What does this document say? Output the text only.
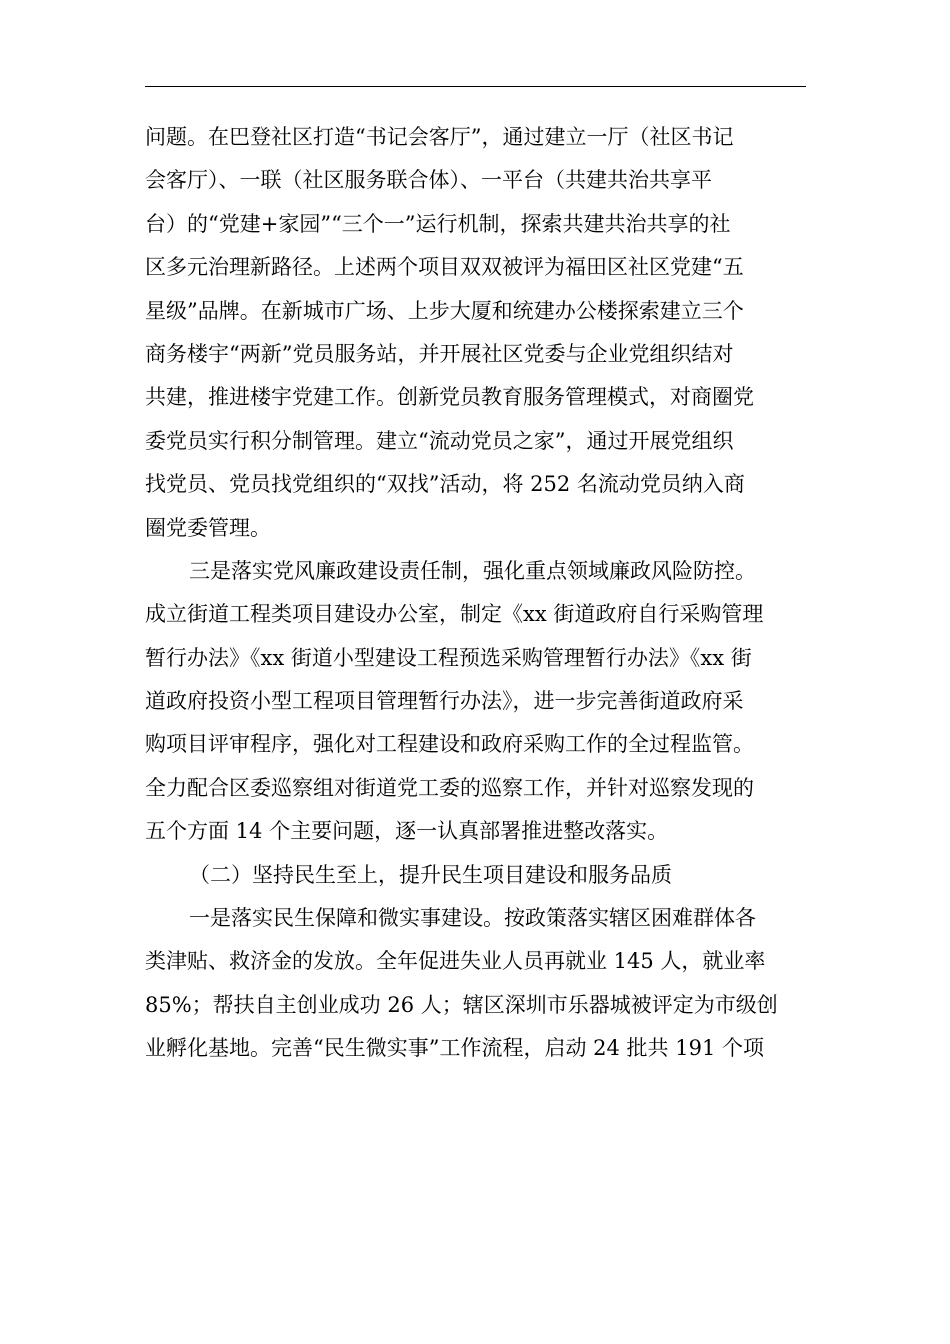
问题。在巴登社区打造“书记会客厅”，通过建立一厅（社区书记
会客厅）、一联（社区服务联合体）、一平台（共建共治共享平
台）的“党建+家园”“三个一”运行机制，探索共建共治共享的社
区多元治理新路径。上述两个项目双双被评为福田区社区党建“五
星级”品牌。在新城市广场、上步大厦和统建办公楼探索建立三个
商务楼宇“两新”党员服务站，并开展社区党委与企业党组织结对
共建，推进楼宇党建工作。创新党员教育服务管理模式，对商圈党
委党员实行积分制管理。建立“流动党员之家”，通过开展党组织
找党员、党员找党组织的“双找”活动，将 252 名流动党员纳入商
圈党委管理。
三是落实党风廉政建设责任制，强化重点领域廉政风险防控。
成立街道工程类项目建设办公室，制定《xx 街道政府自行采购管理
暂行办法》《xx 街道小型建设工程预选采购管理暂行办法》《xx 街
道政府投资小型工程项目管理暂行办法》，进一步完善街道政府采
购项目评审程序，强化对工程建设和政府采购工作的全过程监管。
全力配合区委巡察组对街道党工委的巡察工作，并针对巡察发现的
五个方面 14 个主要问题，逐一认真部署推进整改落实。
（二）坚持民生至上，提升民生项目建设和服务品质
一是落实民生保障和微实事建设。按政策落实辖区困难群体各
类津贴、救济金的发放。全年促进失业人员再就业 145 人，就业率
85%；帮扶自主创业成功 26 人；辖区深圳市乐器城被评定为市级创
业孵化基地。完善“民生微实事”工作流程，启动 24 批共 191 个项
